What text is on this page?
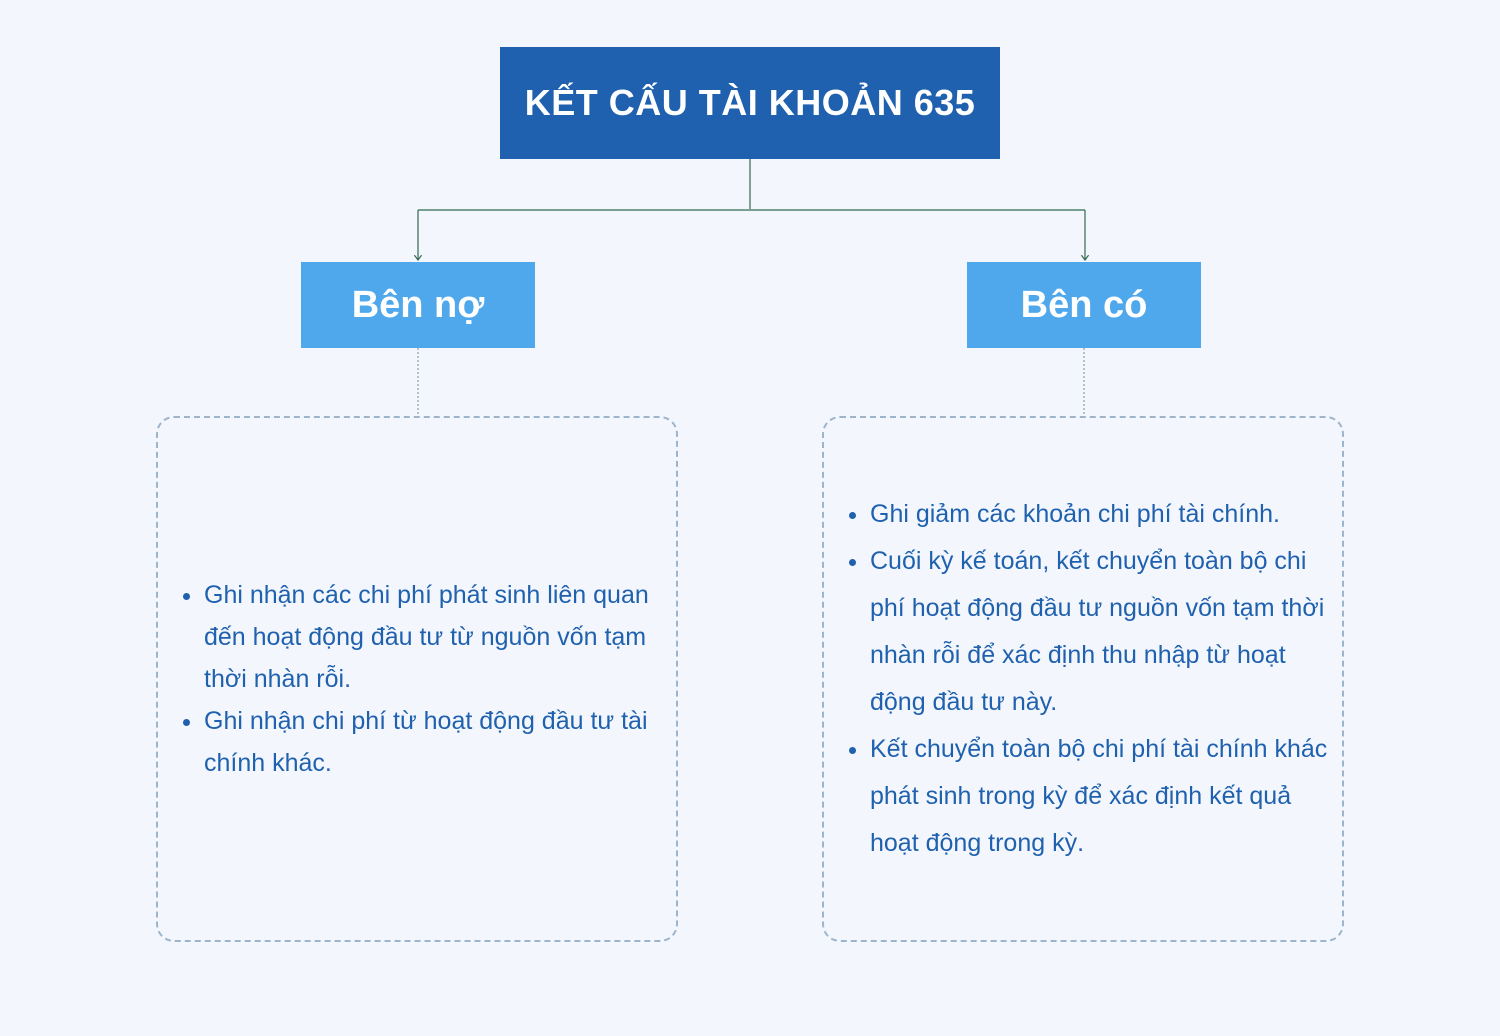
KẾT CẤU TÀI KHOẢN 635
Bên nợ	Bên có
• Ghi nhận các chi phí phát sinh liên quan đến hoạt động đầu tư từ nguồn vốn tạm thời nhàn rỗi.
• Ghi nhận chi phí từ hoạt động đầu tư tài chính khác.
• Ghi giảm các khoản chi phí tài chính.
• Cuối kỳ kế toán, kết chuyển toàn bộ chi phí hoạt động đầu tư nguồn vốn tạm thời nhàn rỗi để xác định thu nhập từ hoạt động đầu tư này.
• Kết chuyển toàn bộ chi phí tài chính khác phát sinh trong kỳ để xác định kết quả hoạt động trong kỳ.
